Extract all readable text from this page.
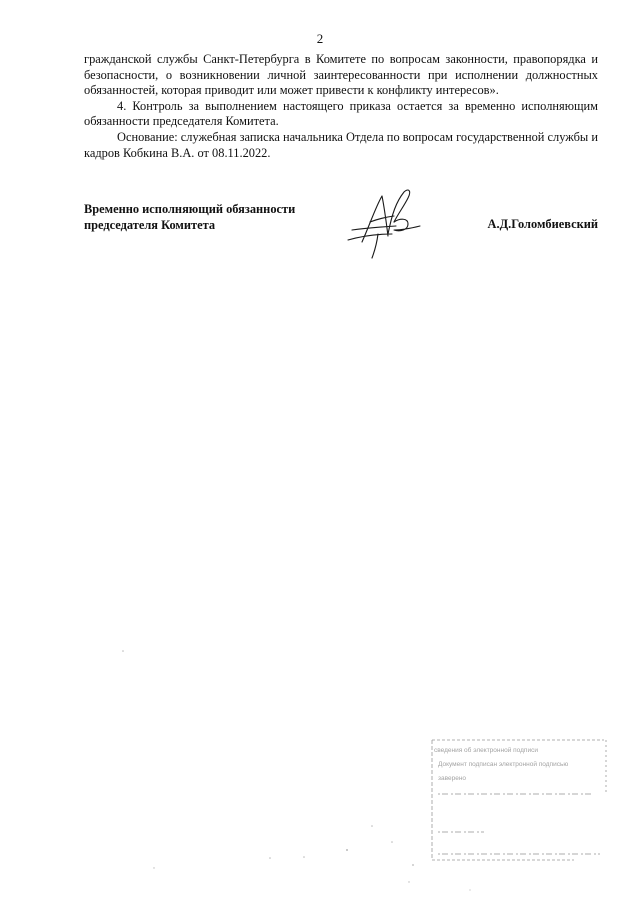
2

гражданской службы Санкт-Петербурга в Комитете по вопросам законности, правопорядка и безопасности, о возникновении личной заинтересованности при исполнении должностных обязанностей, которая приводит или может привести к конфликту интересов».

4. Контроль за выполнением настоящего приказа остается за временно исполняющим обязанности председателя Комитета.

Основание: служебная записка начальника Отдела по вопросам государственной службы и кадров Кобкина В.А. от 08.11.2022.

Временно исполняющий обязанности
председателя Комитета	А.Д.Голомбиевский
сведения об электронной подписи
Документ подписан электронной подписью
заверено
